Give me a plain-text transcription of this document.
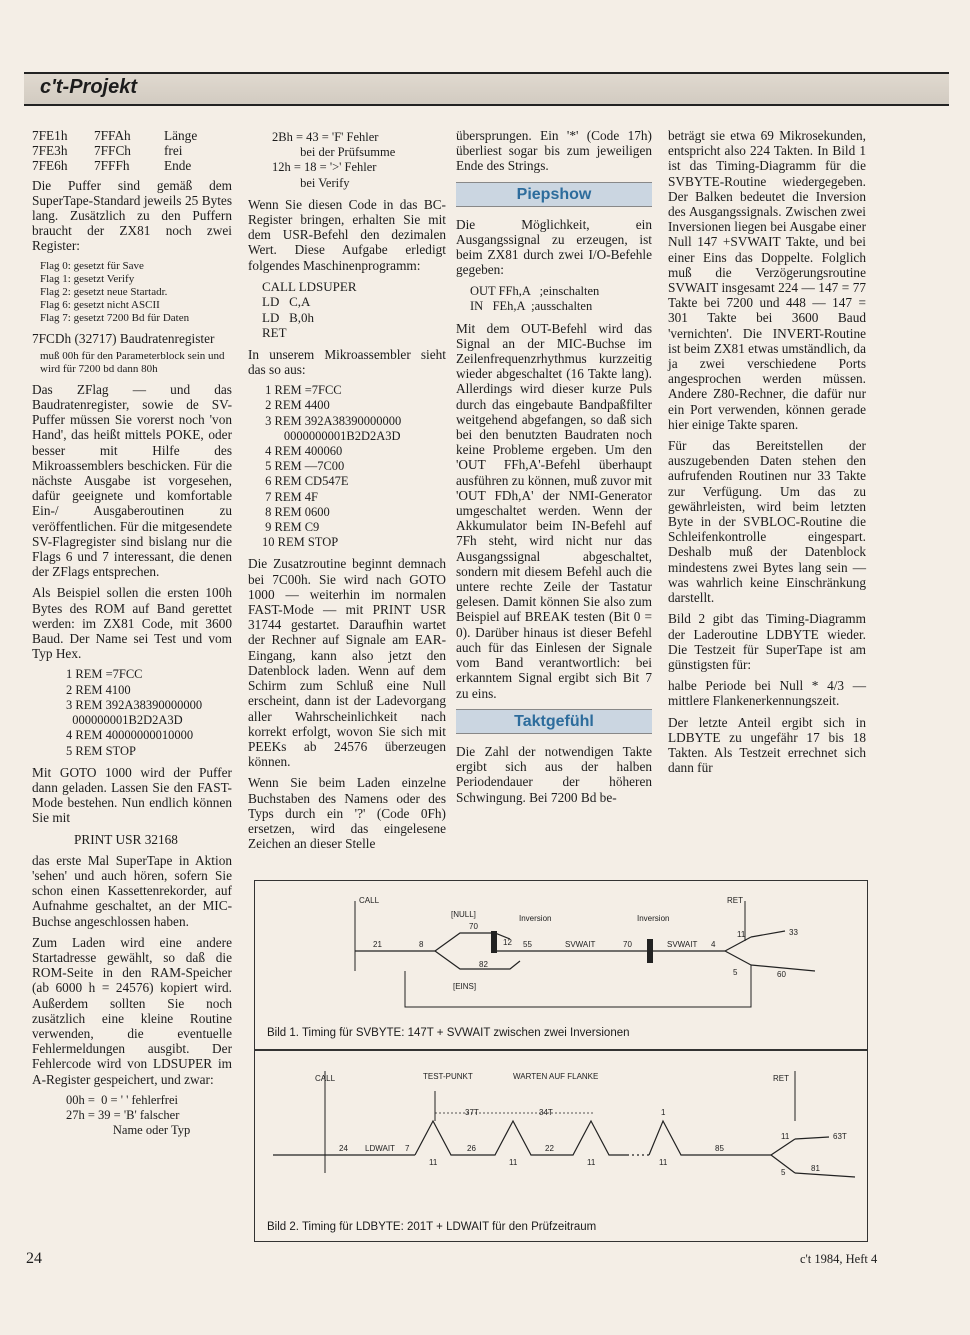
c't-Projekt
7FE1h	7FFAh	Länge
7FE3h	7FFCh	frei
7FE6h	7FFFh	Ende

Die Puffer sind gemäß dem SuperTape-Standard jeweils 25 Bytes lang. Zusätzlich zu den Puffern braucht der ZX81 noch zwei Register:

Flag 0: gesetzt für Save
Flag 1: gesetzt Verify
Flag 2: gesetzt neue Startadr.
Flag 6: gesetzt nicht ASCII
Flag 7: gesetzt 7200 Bd für Daten

7FCDh (32717) Baudratenregister

muß 00h für den Parameterblock sein und wird für 7200 bd dann 80h

Das ZFlag — und das Baudratenregister, sowie de SV-Puffer müssen Sie vorerst noch 'von Hand', das heißt mittels POKE, oder besser mit Hilfe des Mikroassemblers beschicken. Für die nächste Ausgabe ist vorgesehen, dafür geeignete und komfortable Ein-/ Ausgaberoutinen zu veröffentlichen. Für die mitgesendete SV-Flagregister sind bislang nur die Flags 6 und 7 interessant, die denen der ZFlags entsprechen.

Als Beispiel sollen die ersten 100h Bytes des ROM auf Band gerettet werden: im ZX81 Code, mit 3600 Baud. Der Name sei Test und vom Typ Hex.

1 REM =7FCC
2 REM 4100
3 REM 392A38390000000
000000001B2D2A3D
4 REM 40000000010000
5 REM STOP

Mit GOTO 1000 wird der Puffer dann geladen. Lassen Sie den FAST-Mode bestehen. Nun endlich können Sie mit

PRINT USR 32168

das erste Mal SuperTape in Aktion 'sehen' und auch hören, sofern Sie schon einen Kassettenrekorder, auf Aufnahme geschaltet, an der MIC-Buchse angeschlossen haben.

Zum Laden wird eine andere Startadresse gewählt, so daß die ROM-Seite in den RAM-Speicher (ab 6000 h = 24576) kopiert wird. Außerdem sollten Sie noch zusätzlich eine kleine Routine verwenden, die eventuelle Fehlermeldungen ausgibt. Der Fehlercode wird von LDSUPER im A-Register gespeichert, und zwar:

00h =  0 = ' ' fehlerfrei
27h = 39 = 'B' falscher
Name oder Typ
2Bh = 43 = 'F' Fehler
bei der Prüfsumme
12h = 18 = '>' Fehler
bei Verify

Wenn Sie diesen Code in das BC-Register bringen, erhalten Sie mit dem USR-Befehl den dezimalen Wert. Diese Aufgabe erledigt folgendes Maschinenprogramm:

CALL LDSUPER
LD   C,A
LD   B,0h
RET

In unserem Mikroassembler sieht das so aus:

1 REM =7FCC
2 REM 4400
3 REM 392A38390000000
0000000001B2D2A3D
4 REM 400060
5 REM —7C00
6 REM CD547E
7 REM 4F
8 REM 0600
9 REM C9
10 REM STOP

Die Zusatzroutine beginnt demnach bei 7C00h. Sie wird nach GOTO 1000 — weiterhin im normalen FAST-Mode — mit PRINT USR 31744 gestartet. Daraufhin wartet der Rechner auf Signale am EAR-Eingang, kann also jetzt den Datenblock laden. Wenn auf dem Schirm zum Schluß eine Null erscheint, dann ist der Ladevorgang aller Wahrscheinlichkeit nach korrekt erfolgt, wovon Sie sich mit PEEKs ab 24576 überzeugen können.

Wenn Sie beim Laden einzelne Buchstaben des Namens oder des Typs durch ein '?' (Code 0Fh) ersetzen, wird das eingelesene Zeichen an dieser Stelle

übersprungen. Ein '*' (Code 17h) überliest sogar bis zum jeweiligen Ende des Strings.

Piepshow

Die Möglichkeit, ein Ausgangssignal zu erzeugen, ist beim ZX81 durch zwei I/O-Befehle gegeben:

OUT FFh,A   ;einschalten
IN   FEh,A  ;ausschalten

Mit dem OUT-Befehl wird das Signal an der MIC-Buchse im Zeilenfrequenzrhythmus kurzzeitig wieder abgeschaltet (16 Takte lang). Allerdings wird dieser kurze Puls durch das eingebaute Bandpaßfilter weitgehend abgefangen, so daß sich bei den benutzten Baudraten noch keine Probleme ergeben. Um den 'OUT FFh,A'-Befehl überhaupt ausführen zu können, muß zuvor mit 'OUT FDh,A' der NMI-Generator umgeschaltet werden. Wenn der Akkumulator beim IN-Befehl auf 7Fh steht, wird nicht nur das Ausgangssignal abgeschaltet, sondern mit diesem Befehl auch die untere rechte Zeile der Tastatur gelesen. Damit können Sie also zum Beispiel auf BREAK testen (Bit 0 = 0). Darüber hinaus ist dieser Befehl auch für das Einlesen der Signale vom Band verantwortlich: bei erkanntem Signal ergibt sich Bit 7 zu eins.

Taktgefühl

Die Zahl der notwendigen Takte ergibt sich aus der halben Periodendauer der höheren Schwingung. Bei 7200 Bd be-

beträgt sie etwa 69 Mikrosekunden, entspricht also 224 Takten. In Bild 1 ist das Timing-Diagramm für die SVBYTE-Routine wiedergegeben. Der Balken bedeutet die Inversion des Ausgangssignals. Zwischen zwei Inversionen liegen bei Ausgabe einer Null 147 +SVWAIT Takte, und bei einer Eins das Doppelte. Folglich muß die Verzögerungsroutine SVWAIT insgesamt 224 — 147 = 77 Takte bei 7200 und 448 — 147 = 301 Takte bei 3600 Baud 'vernichten'. Die INVERT-Routine ist beim ZX81 etwas umständlich, da ja zwei verschiedene Ports angesprochen werden müssen. Andere Z80-Rechner, die dafür nur ein Port verwenden, können gerade hier einige Takte sparen.

Für das Bereitstellen der auszugebenden Daten stehen den aufrufenden Routinen nur 33 Takte zur Verfügung. Um das zu gewährleisten, wird beim letzten Byte in der SVBLOC-Routine die Schleifenkontrolle eingespart. Deshalb muß der Datenblock mindestens zwei Bytes lang sein — was wahrlich keine Einschränkung darstellt.

Bild 2 gibt das Timing-Diagramm der Laderoutine LDBYTE wieder. Die Testzeit für SuperTape ist am günstigsten für:

halbe Periode bei Null * 4/3 — mittlere Flankenerkennungszeit.

Der letzte Anteil ergibt sich in LDBYTE zu ungefähr 17 bis 18 Takten. Als Testzeit errechnet sich dann für

CALL	RET
21	8
70
12
82
[NULL]
[EINS]
Inversion	Inversion
55	SVWAIT	70	SVWAIT 4
11	33
5	60
Bild 1. Timing für SVBYTE: 147T + SVWAIT zwischen zwei Inversionen
CALL	RET
TEST-PUNKT	WARTEN AUF FLANKE
37T	34T	1
24 LDWAIT 7
11
26
11
22
11	11
85
11	63T
5	81
Bild 2. Timing für LDBYTE: 201T + LDWAIT für den Prüfzeitraum
24	c't 1984, Heft 4
